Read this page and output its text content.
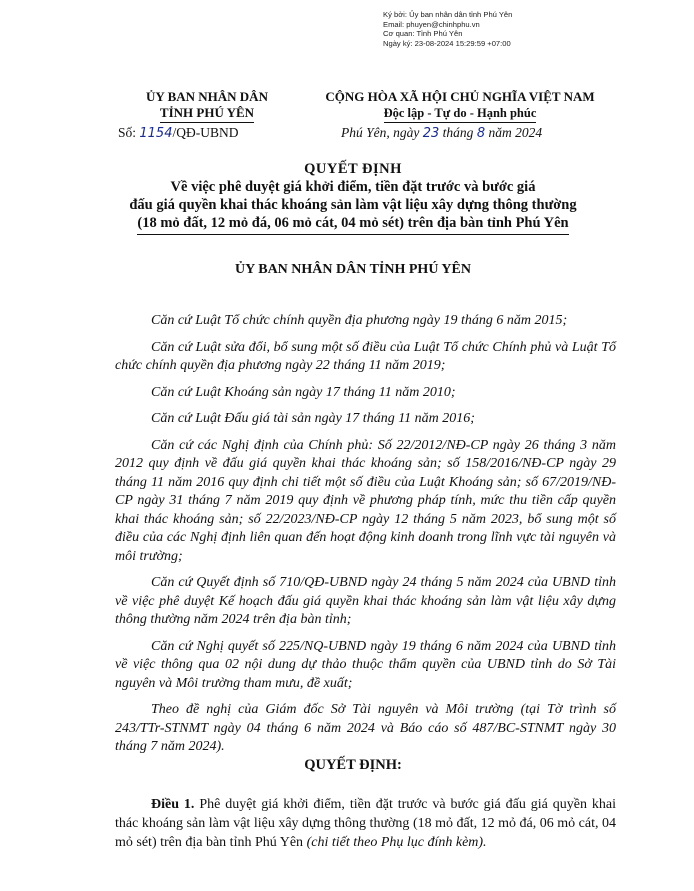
Ký bởi: Ủy ban nhân dân tỉnh Phú Yên
Email: phuyen@chinhphu.vn
Cơ quan: Tỉnh Phú Yên
Ngày ký: 23-08-2024 15:29:59 +07:00
ỦY BAN NHÂN DÂN
TỈNH PHÚ YÊN
CỘNG HÒA XÃ HỘI CHỦ NGHĨA VIỆT NAM
Độc lập - Tự do - Hạnh phúc
Số: 1154/QĐ-UBND	Phú Yên, ngày 23 tháng 8 năm 2024
QUYẾT ĐỊNH
Về việc phê duyệt giá khởi điểm, tiền đặt trước và bước giá
đấu giá quyền khai thác khoáng sản làm vật liệu xây dựng thông thường
(18 mỏ đất, 12 mỏ đá, 06 mỏ cát, 04 mỏ sét) trên địa bàn tỉnh Phú Yên
ỦY BAN NHÂN DÂN TỈNH PHÚ YÊN

Căn cứ Luật Tổ chức chính quyền địa phương ngày 19 tháng 6 năm 2015;

Căn cứ Luật sửa đổi, bổ sung một số điều của Luật Tổ chức Chính phủ và Luật Tổ chức chính quyền địa phương ngày 22 tháng 11 năm 2019;

Căn cứ Luật Khoáng sản ngày 17 tháng 11 năm 2010;

Căn cứ Luật Đấu giá tài sản ngày 17 tháng 11 năm 2016;

Căn cứ các Nghị định của Chính phủ: Số 22/2012/NĐ-CP ngày 26 tháng 3 năm 2012 quy định về đấu giá quyền khai thác khoáng sản; số 158/2016/NĐ-CP ngày 29 tháng 11 năm 2016 quy định chi tiết một số điều của Luật Khoáng sản; số 67/2019/NĐ-CP ngày 31 tháng 7 năm 2019 quy định về phương pháp tính, mức thu tiền cấp quyền khai thác khoáng sản; số 22/2023/NĐ-CP ngày 12 tháng 5 năm 2023, bổ sung một số điều của các Nghị định liên quan đến hoạt động kinh doanh trong lĩnh vực tài nguyên và môi trường;

Căn cứ Quyết định số 710/QĐ-UBND ngày 24 tháng 5 năm 2024 của UBND tỉnh về việc phê duyệt Kế hoạch đấu giá quyền khai thác khoáng sản làm vật liệu xây dựng thông thường năm 2024 trên địa bàn tỉnh;

Căn cứ Nghị quyết số 225/NQ-UBND ngày 19 tháng 6 năm 2024 của UBND tỉnh về việc thông qua 02 nội dung dự thảo thuộc thẩm quyền của UBND tỉnh do Sở Tài nguyên và Môi trường tham mưu, đề xuất;

Theo đề nghị của Giám đốc Sở Tài nguyên và Môi trường (tại Tờ trình số 243/TTr-STNMT ngày 04 tháng 6 năm 2024 và Báo cáo số 487/BC-STNMT ngày 30 tháng 7 năm 2024).

QUYẾT ĐỊNH:
Điều 1. Phê duyệt giá khởi điểm, tiền đặt trước và bước giá đấu giá quyền khai thác khoáng sản làm vật liệu xây dựng thông thường (18 mỏ đất, 12 mỏ đá, 06 mỏ cát, 04 mỏ sét) trên địa bàn tỉnh Phú Yên (chi tiết theo Phụ lục đính kèm).
